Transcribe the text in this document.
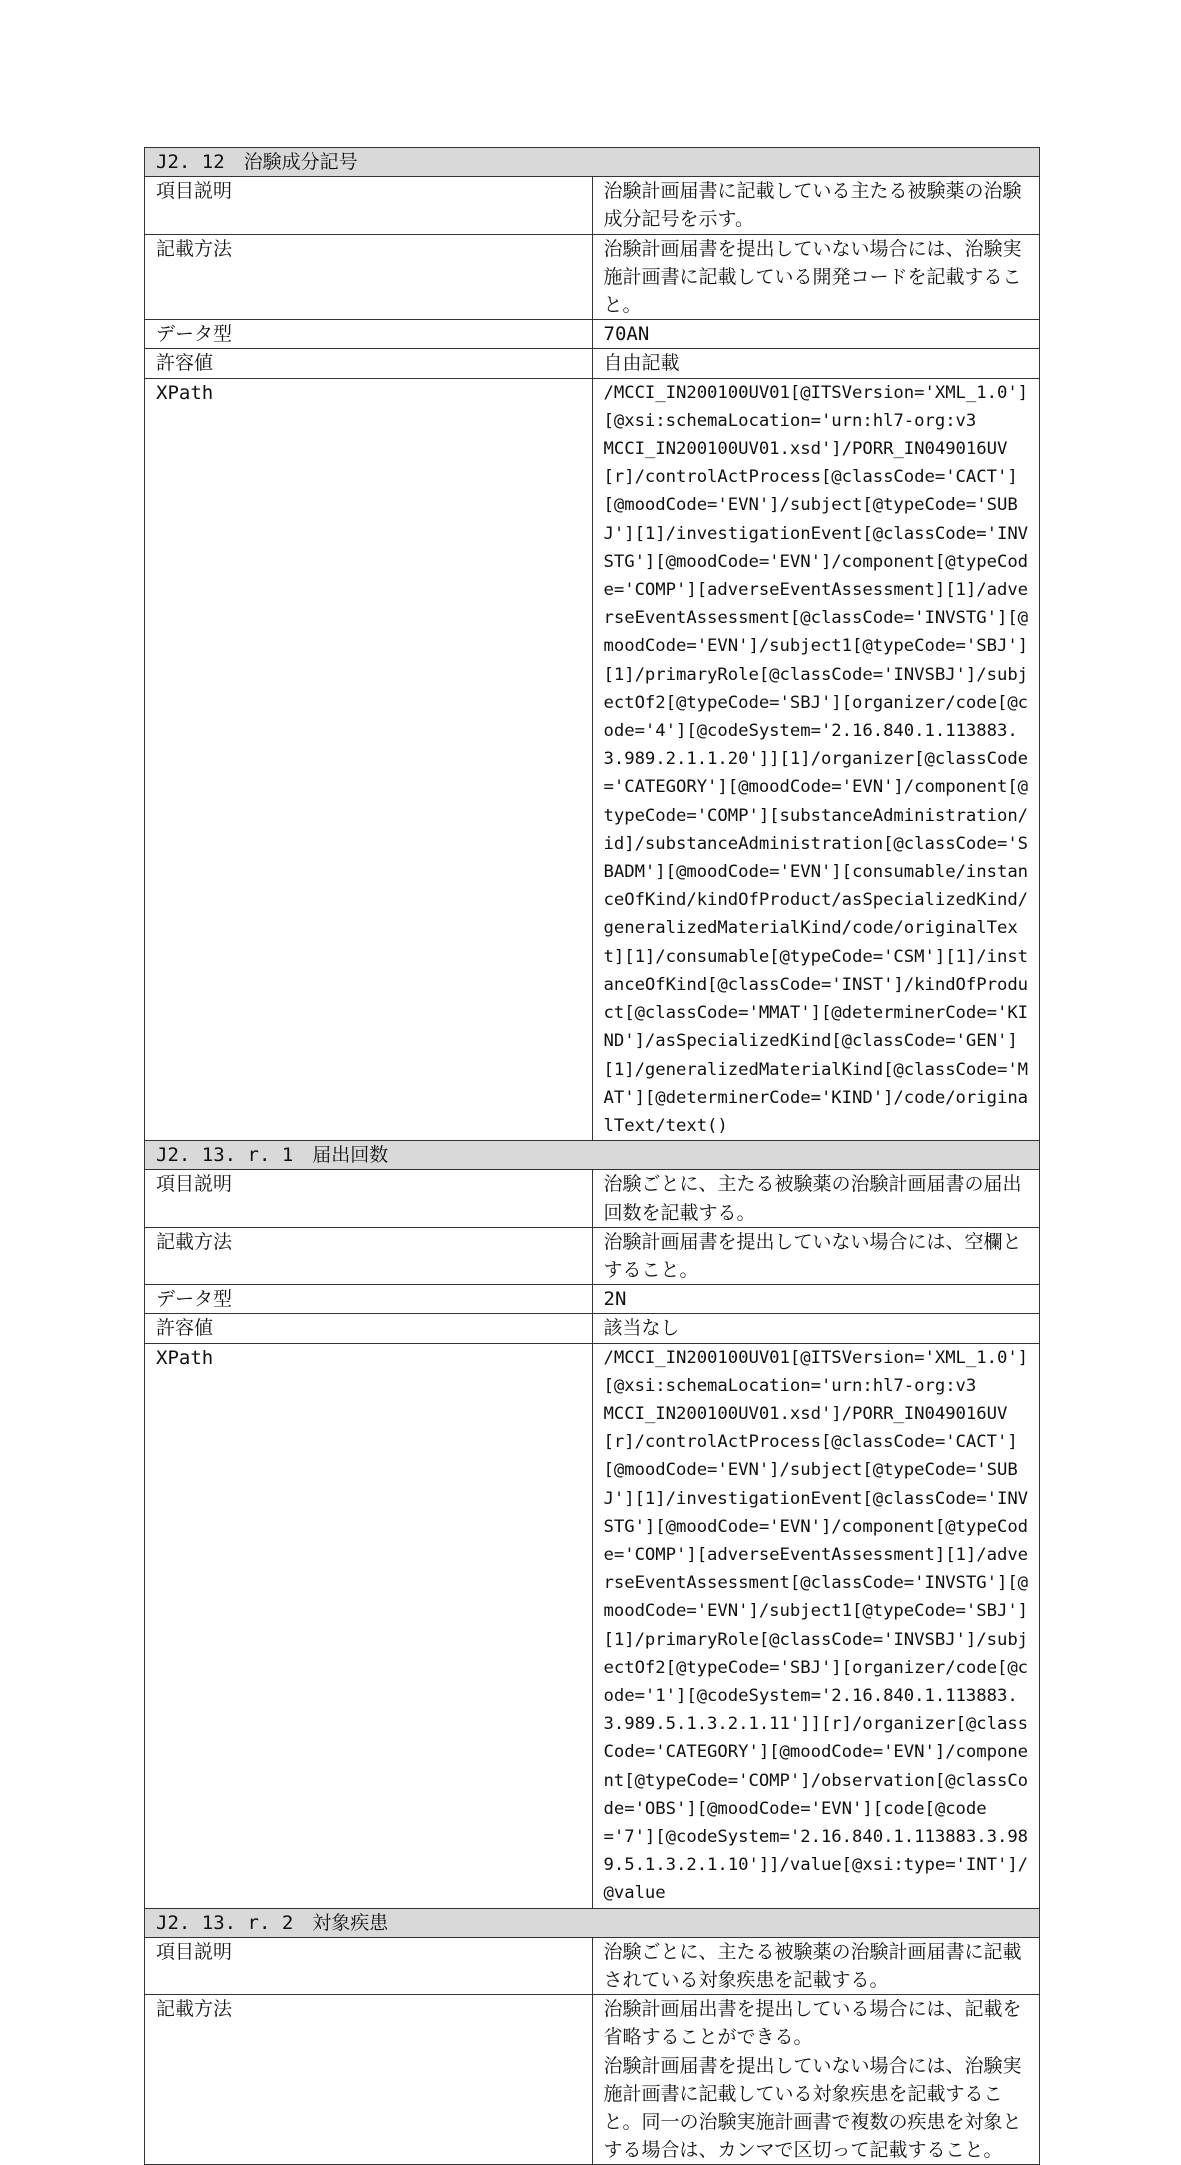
J2. 12　治験成分記号	
項目説明	治験計画届書に記載している主たる被験薬の治験成分記号を示す。

記載方法	治験計画届書を提出していない場合には、治験実施計画書に記載している開発コードを記載すること。

データ型	70AN

許容値	自由記載

XPath	/MCCI_IN200100UV01[@ITSVersion='XML_1.0'][@xsi:schemaLocation='urn:hl7-org:v3
MCCI_IN200100UV01.xsd']/PORR_IN049016UV[r]/controlActProcess[@classCode='CACT'][@moodCode='EVN']/subject[@typeCode='SUBJ'][1]/investigationEvent[@classCode='INVSTG'][@moodCode='EVN']/component[@typeCode='COMP'][adverseEventAssessment][1]/adverseEventAssessment[@classCode='INVSTG'][@moodCode='EVN']/subject1[@typeCode='SBJ'][1]/primaryRole[@classCode='INVSBJ']/subjectOf2[@typeCode='SBJ'][organizer/code[@code='4'][@codeSystem='2.16.840.1.113883.3.989.2.1.1.20']][1]/organizer[@classCode='CATEGORY'][@moodCode='EVN']/component[@typeCode='COMP'][substanceAdministration/id]/substanceAdministration[@classCode='SBADM'][@moodCode='EVN'][consumable/instanceOfKind/kindOfProduct/asSpecializedKind/generalizedMaterialKind/code/originalText][1]/consumable[@typeCode='CSM'][1]/instanceOfKind[@classCode='INST']/kindOfProduct[@classCode='MMAT'][@determinerCode='KIND']/asSpecializedKind[@classCode='GEN'][1]/generalizedMaterialKind[@classCode='MAT'][@determinerCode='KIND']/code/originalText/text()

J2. 13. r. 1　届出回数	
項目説明	治験ごとに、主たる被験薬の治験計画届書の届出回数を記載する。

記載方法	治験計画届書を提出していない場合には、空欄とすること。

データ型	2N

許容値	該当なし

XPath	/MCCI_IN200100UV01[@ITSVersion='XML_1.0'][@xsi:schemaLocation='urn:hl7-org:v3
MCCI_IN200100UV01.xsd']/PORR_IN049016UV[r]/controlActProcess[@classCode='CACT'][@moodCode='EVN']/subject[@typeCode='SUBJ'][1]/investigationEvent[@classCode='INVSTG'][@moodCode='EVN']/component[@typeCode='COMP'][adverseEventAssessment][1]/adverseEventAssessment[@classCode='INVSTG'][@moodCode='EVN']/subject1[@typeCode='SBJ'][1]/primaryRole[@classCode='INVSBJ']/subjectOf2[@typeCode='SBJ'][organizer/code[@code='1'][@codeSystem='2.16.840.1.113883.3.989.5.1.3.2.1.11']][r]/organizer[@classCode='CATEGORY'][@moodCode='EVN']/component[@typeCode='COMP']/observation[@classCode='OBS'][@moodCode='EVN'][code[@code='7'][@codeSystem='2.16.840.1.113883.3.989.5.1.3.2.1.10']]/value[@xsi:type='INT']/@value

J2. 13. r. 2　対象疾患	
項目説明	治験ごとに、主たる被験薬の治験計画届書に記載されている対象疾患を記載する。

記載方法	治験計画届出書を提出している場合には、記載を省略することができる。
治験計画届書を提出していない場合には、治験実施計画書に記載している対象疾患を記載すること。同一の治験実施計画書で複数の疾患を対象とする場合は、カンマで区切って記載すること。
